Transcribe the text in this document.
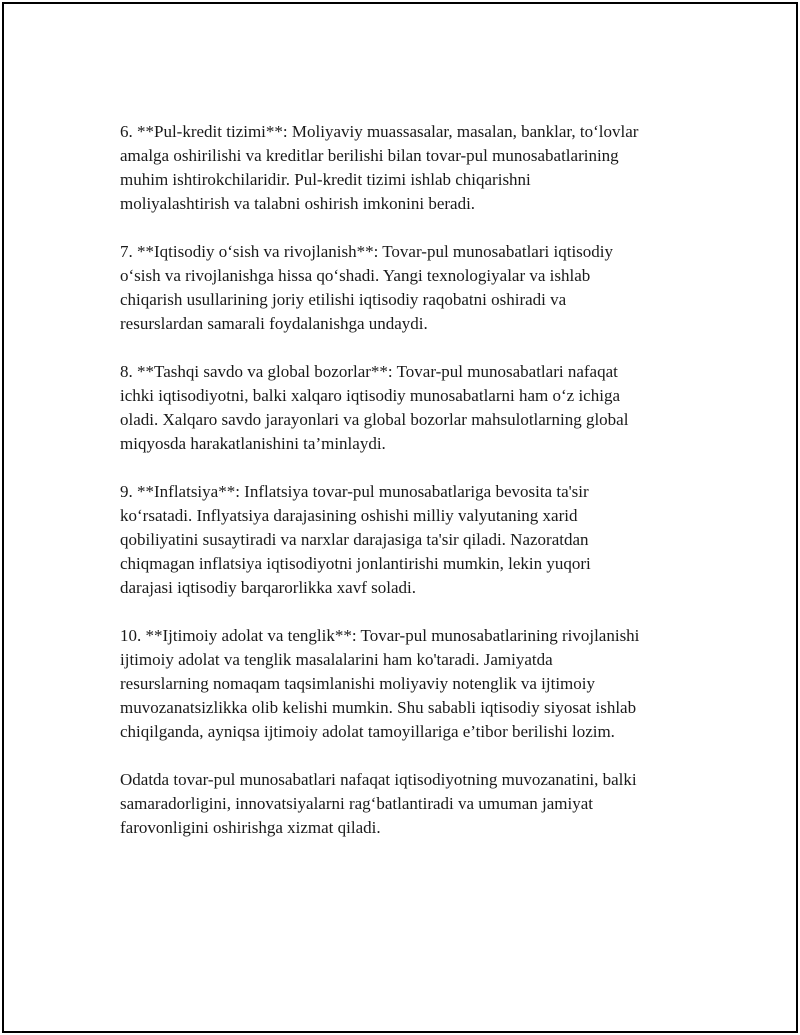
6. **Pul-kredit tizimi**: Moliyaviy muassasalar, masalan, banklar, to‘lovlar
amalga oshirilishi va kreditlar berilishi bilan tovar-pul munosabatlarining
muhim ishtirokchilaridir. Pul-kredit tizimi ishlab chiqarishni
moliyalashtirish va talabni oshirish imkonini beradi.

7. **Iqtisodiy o‘sish va rivojlanish**: Tovar-pul munosabatlari iqtisodiy
o‘sish va rivojlanishga hissa qo‘shadi. Yangi texnologiyalar va ishlab
chiqarish usullarining joriy etilishi iqtisodiy raqobatni oshiradi va
resurslardan samarali foydalanishga undaydi.

8. **Tashqi savdo va global bozorlar**: Tovar-pul munosabatlari nafaqat
ichki iqtisodiyotni, balki xalqaro iqtisodiy munosabatlarni ham o‘z ichiga
oladi. Xalqaro savdo jarayonlari va global bozorlar mahsulotlarning global
miqyosda harakatlanishini ta’minlaydi.

9. **Inflatsiya**: Inflatsiya tovar-pul munosabatlariga bevosita ta'sir
ko‘rsatadi. Inflyatsiya darajasining oshishi milliy valyutaning xarid
qobiliyatini susaytiradi va narxlar darajasiga ta'sir qiladi. Nazoratdan
chiqmagan inflatsiya iqtisodiyotni jonlantirishi mumkin, lekin yuqori
darajasi iqtisodiy barqarorlikka xavf soladi.

10. **Ijtimoiy adolat va tenglik**: Tovar-pul munosabatlarining rivojlanishi
ijtimoiy adolat va tenglik masalalarini ham ko'taradi. Jamiyatda
resurslarning nomaqam taqsimlanishi moliyaviy notenglik va ijtimoiy
muvozanatsizlikka olib kelishi mumkin. Shu sababli iqtisodiy siyosat ishlab
chiqilganda, ayniqsa ijtimoiy adolat tamoyillariga e’tibor berilishi lozim.

Odatda tovar-pul munosabatlari nafaqat iqtisodiyotning muvozanatini, balki
samaradorligini, innovatsiyalarni rag‘batlantiradi va umuman jamiyat
farovonligini oshirishga xizmat qiladi.
